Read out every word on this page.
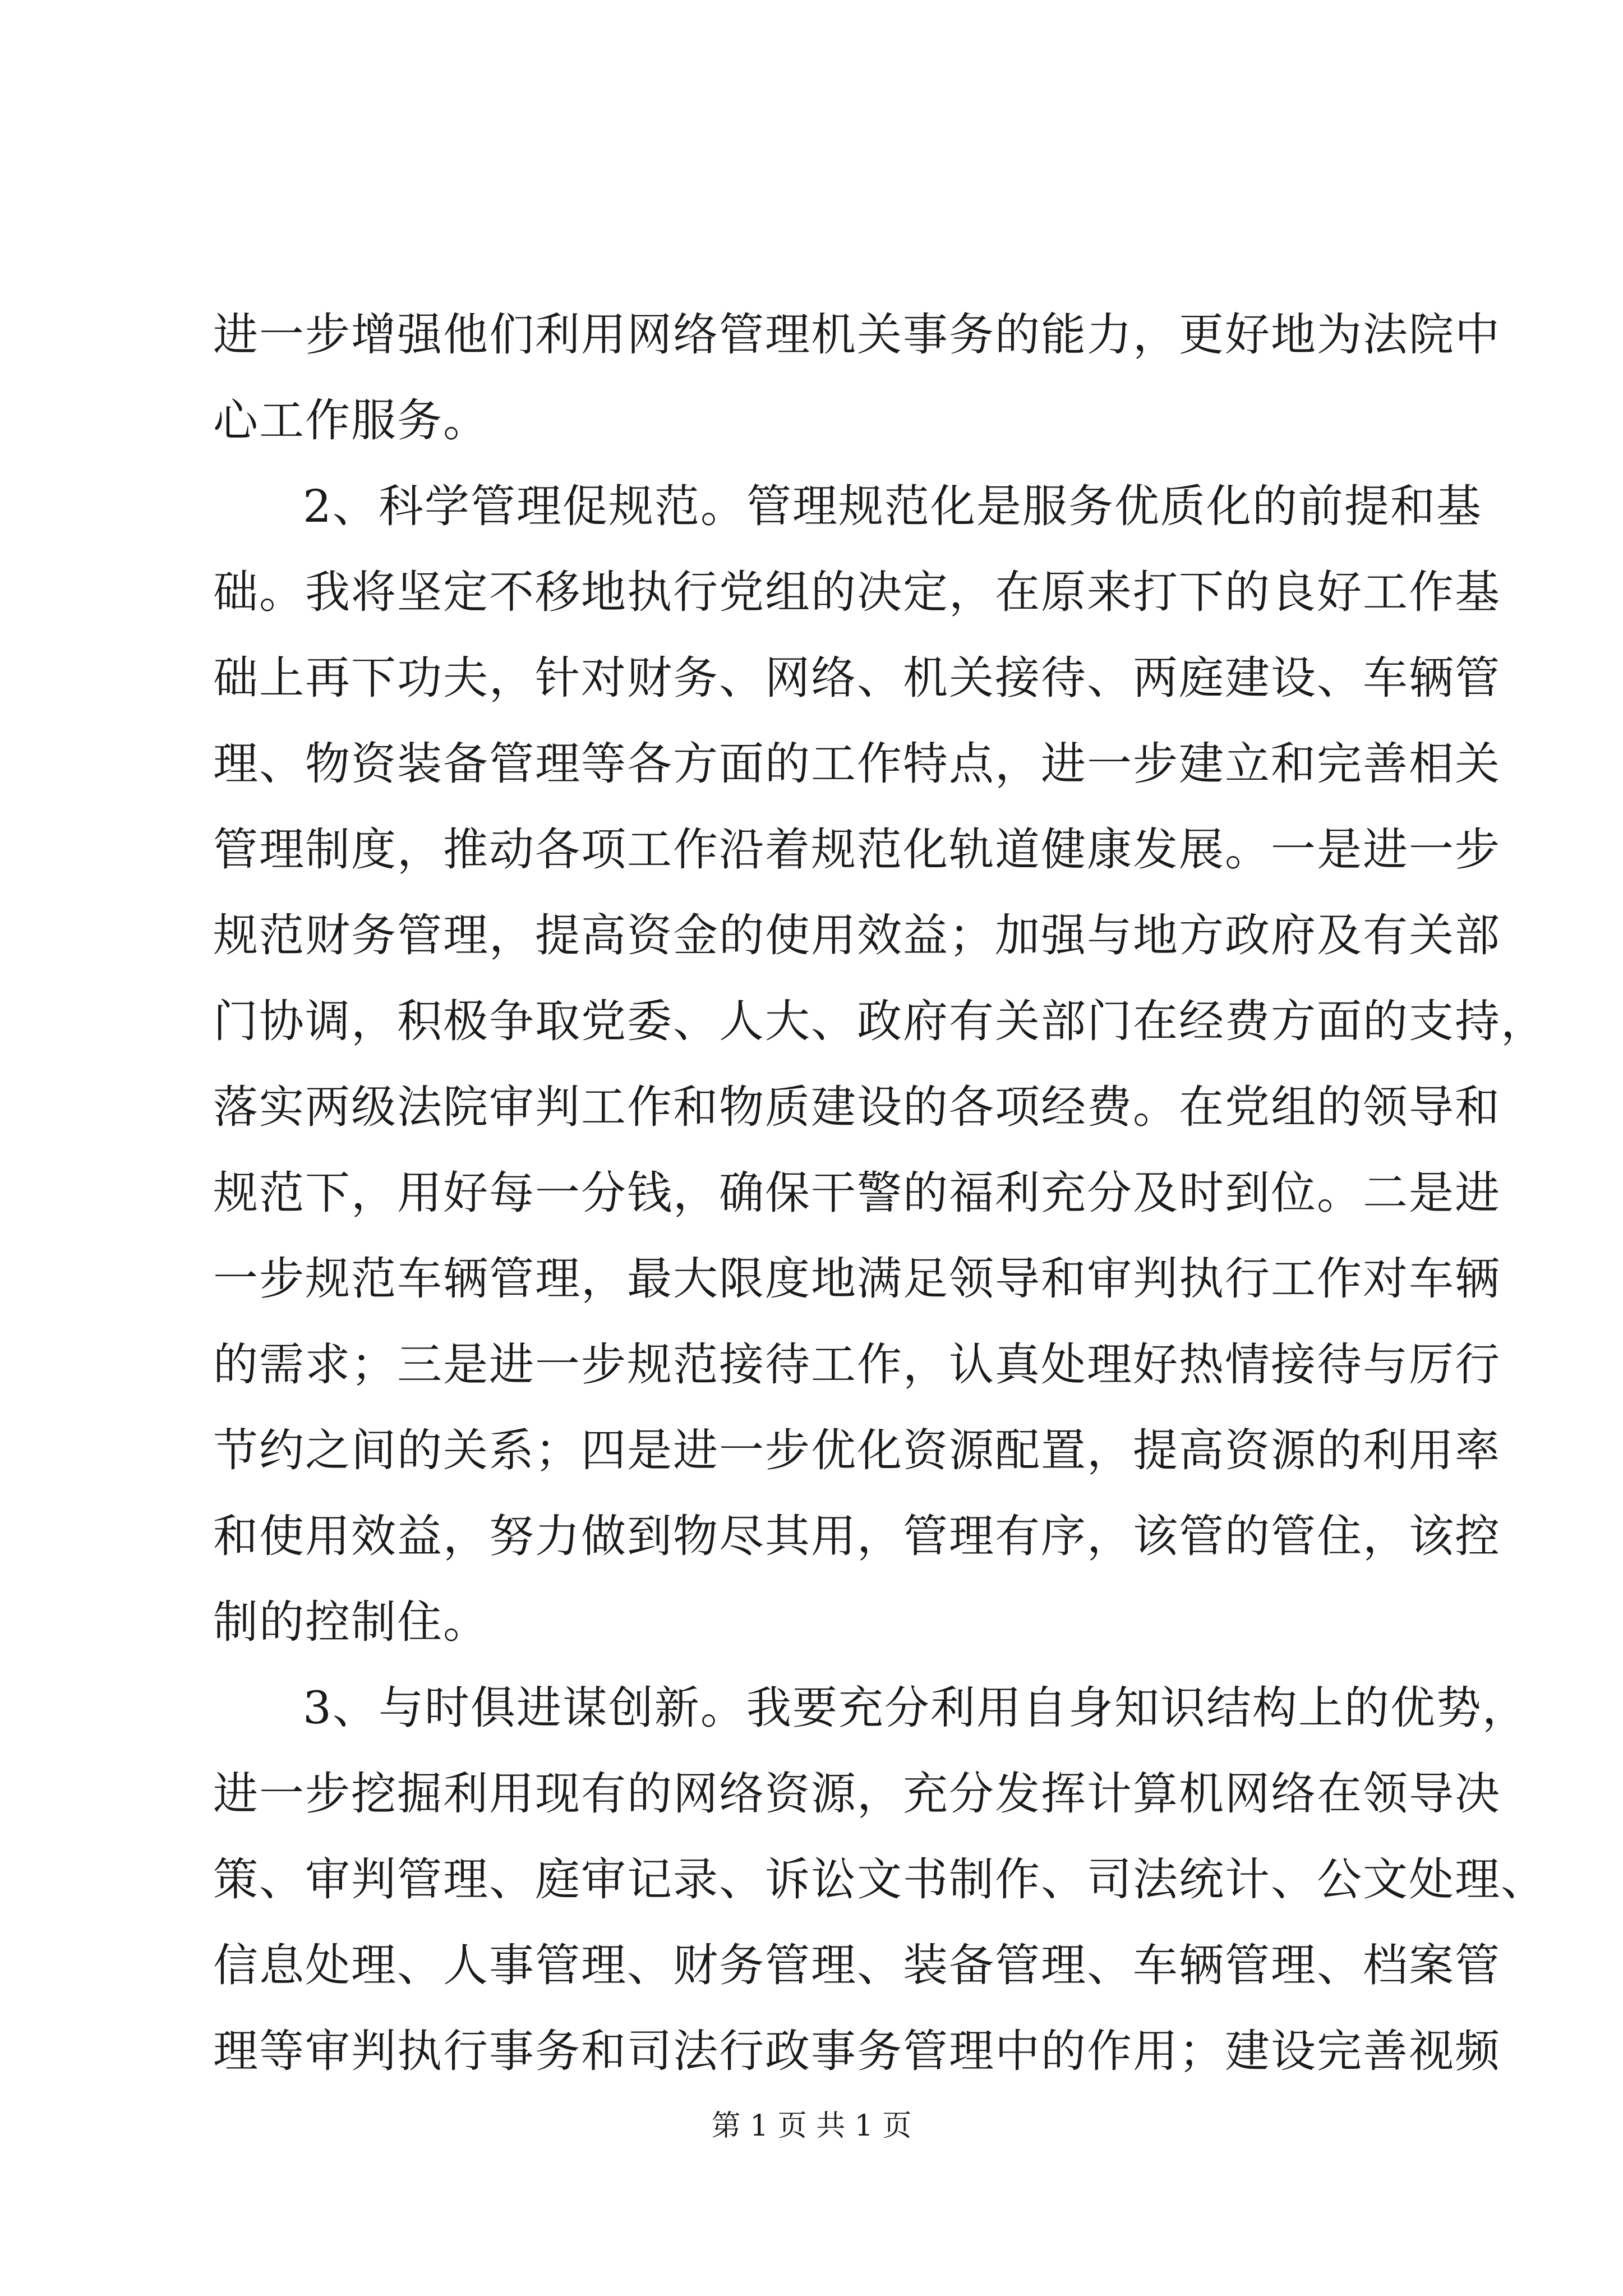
进一步增强他们利用网络管理机关事务的能力，更好地为法院中
心工作服务。
2、科学管理促规范。管理规范化是服务优质化的前提和基
础。我将坚定不移地执行党组的决定，在原来打下的良好工作基
础上再下功夫，针对财务、网络、机关接待、两庭建设、车辆管
理、物资装备管理等各方面的工作特点，进一步建立和完善相关
管理制度，推动各项工作沿着规范化轨道健康发展。一是进一步
规范财务管理，提高资金的使用效益；加强与地方政府及有关部
门协调，积极争取党委、人大、政府有关部门在经费方面的支持，
落实两级法院审判工作和物质建设的各项经费。在党组的领导和
规范下，用好每一分钱，确保干警的福利充分及时到位。二是进
一步规范车辆管理，最大限度地满足领导和审判执行工作对车辆
的需求；三是进一步规范接待工作，认真处理好热情接待与厉行
节约之间的关系；四是进一步优化资源配置，提高资源的利用率
和使用效益，努力做到物尽其用，管理有序，该管的管住，该控
制的控制住。
3、与时俱进谋创新。我要充分利用自身知识结构上的优势，
进一步挖掘利用现有的网络资源，充分发挥计算机网络在领导决
策、审判管理、庭审记录、诉讼文书制作、司法统计、公文处理、
信息处理、人事管理、财务管理、装备管理、车辆管理、档案管
理等审判执行事务和司法行政事务管理中的作用；建设完善视频
第 1 页 共 1 页
